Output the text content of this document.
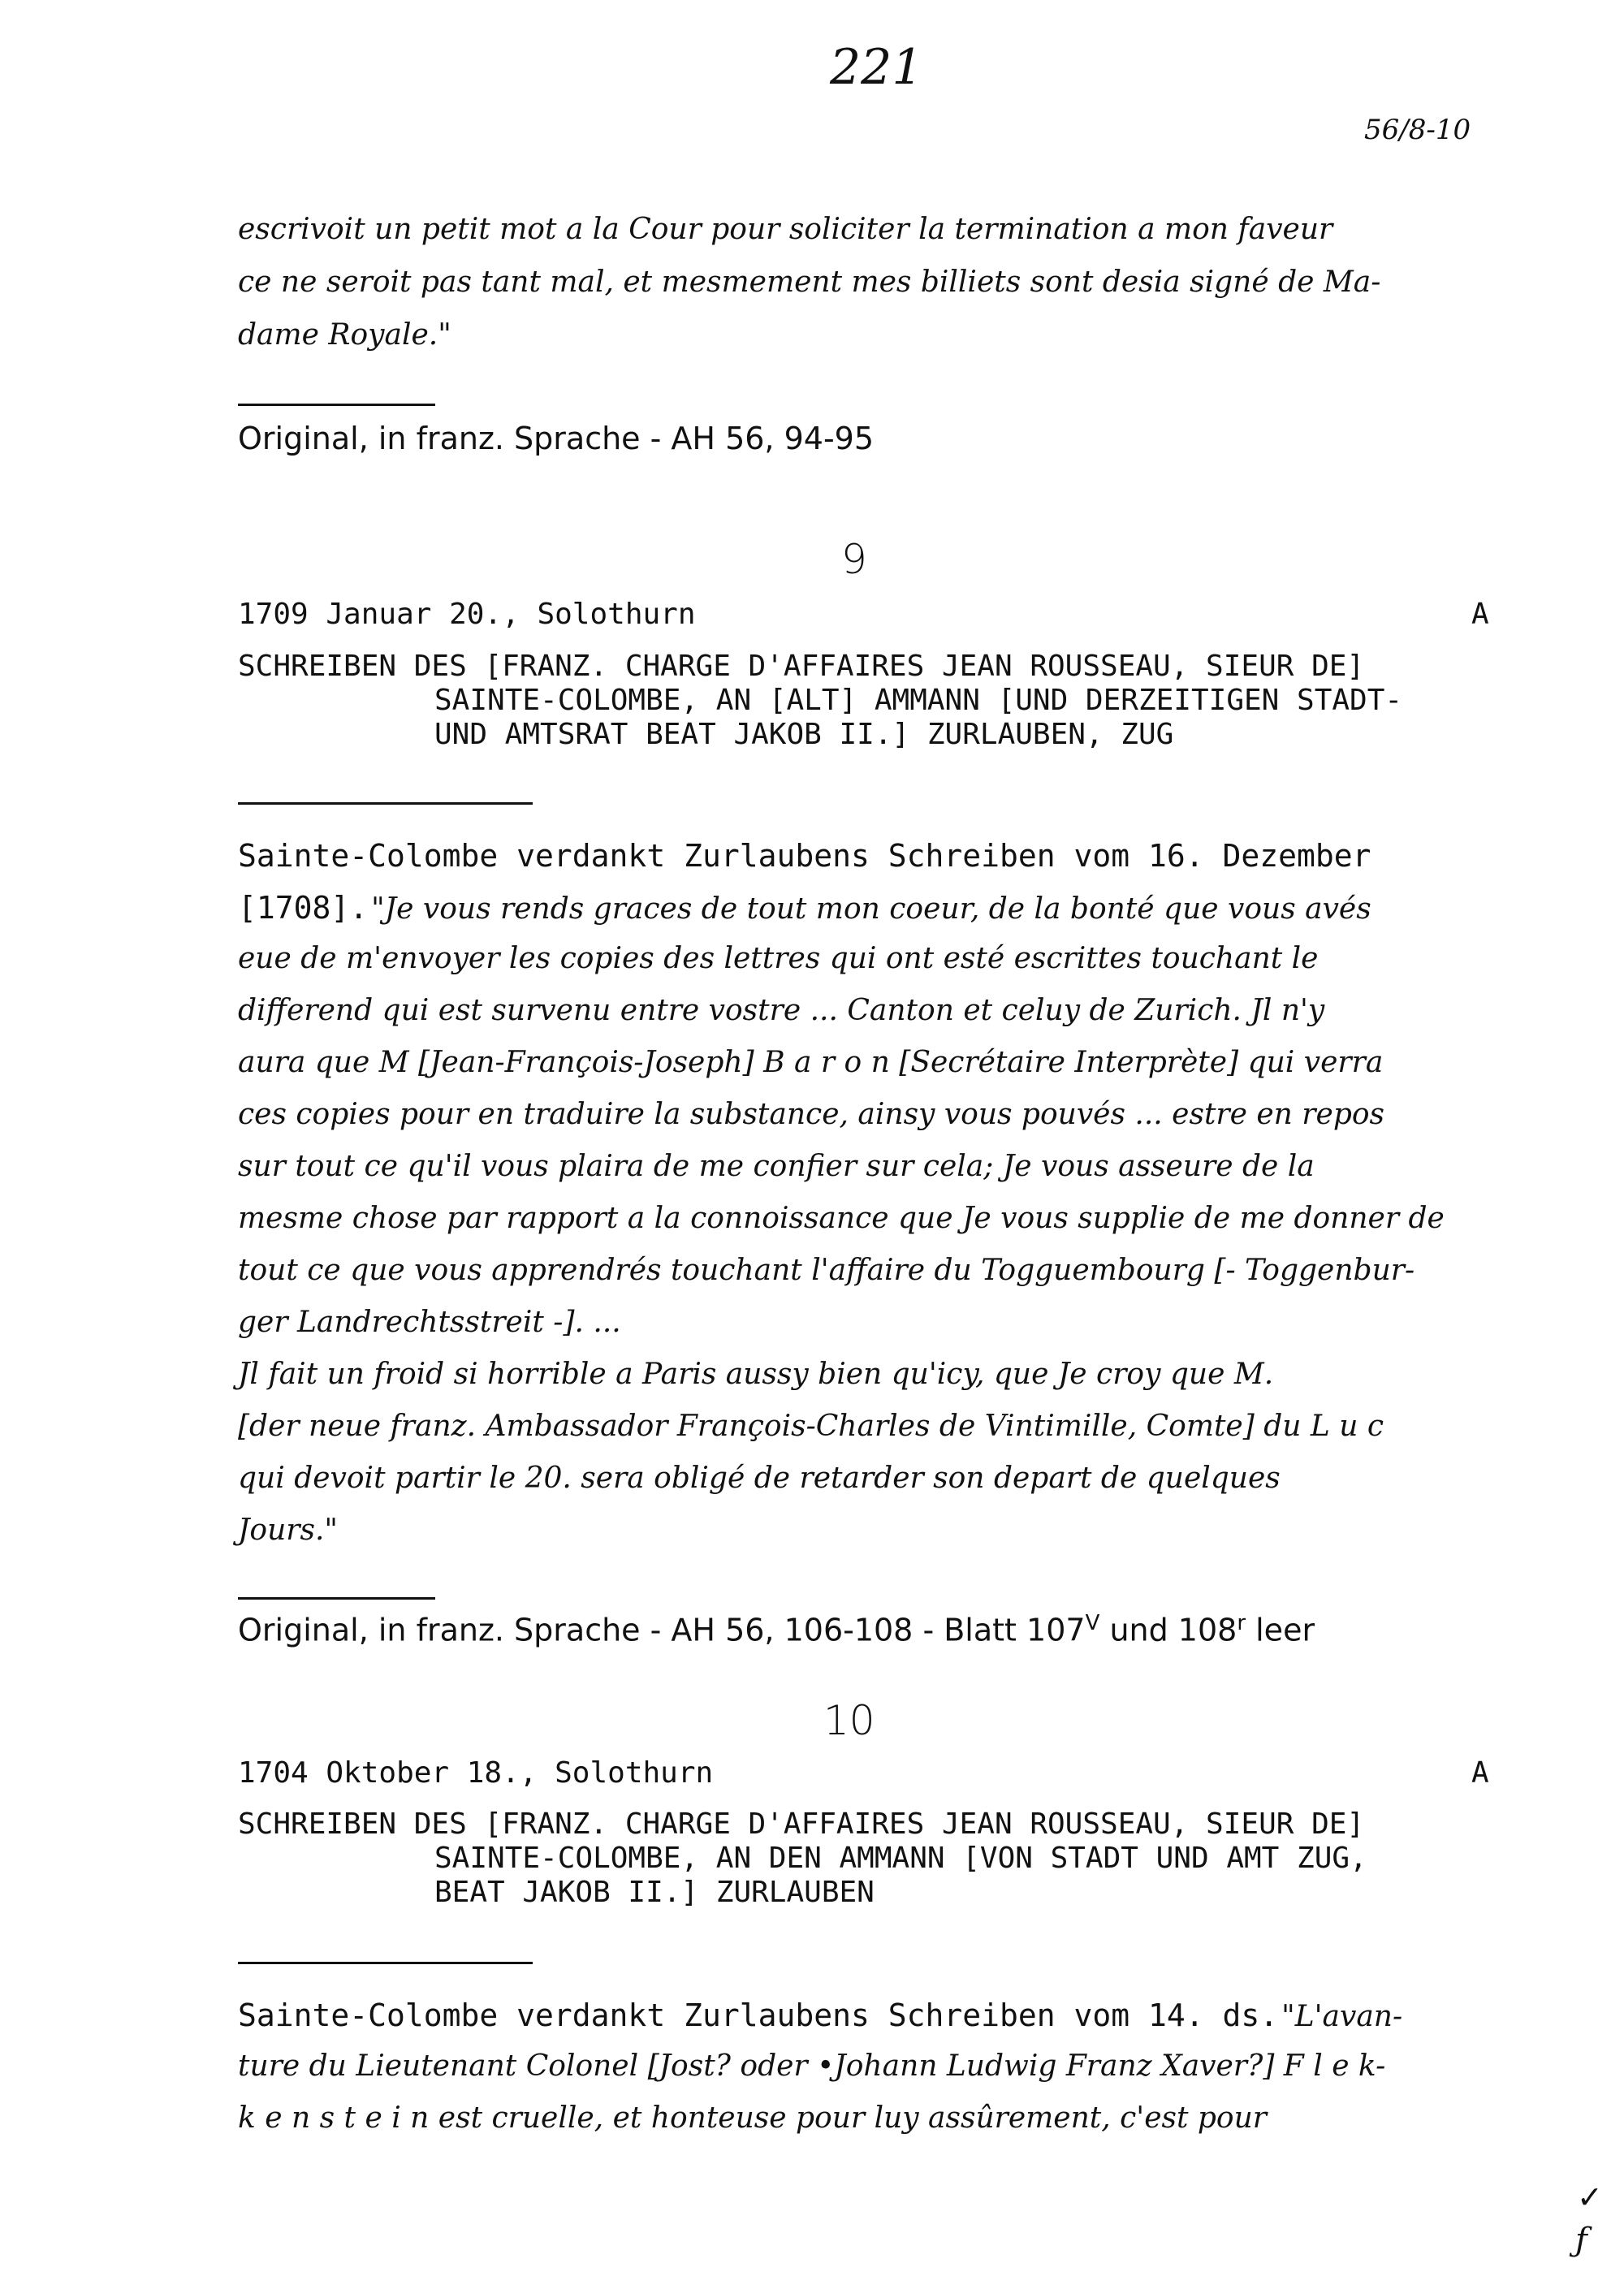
221
56/8-10
escrivoit un petit mot a la Cour pour soliciter la termination a mon faveur
ce ne seroit pas tant mal, et mesmement mes billiets sont desia signé de Ma-
dame Royale."
Original, in franz. Sprache - AH 56, 94-95
9
1709 Januar 20., Solothurn	A
SCHREIBEN DES [FRANZ. CHARGE D'AFFAIRES JEAN ROUSSEAU, SIEUR DE]
SAINTE-COLOMBE, AN [ALT] AMMANN [UND DERZEITIGEN STADT-
UND AMTSRAT BEAT JAKOB II.] ZURLAUBEN, ZUG
Sainte-Colombe verdankt Zurlaubens Schreiben vom 16. Dezember
[1708]. "Je vous rends graces de tout mon coeur, de la bonté que vous avés
eue de m'envoyer les copies des lettres qui ont esté escrittes touchant le
differend qui est survenu entre vostre ... Canton et celuy de Zurich. Jl n'y
aura que M [Jean-François-Joseph] B a r o n [Secrétaire Interprète] qui verra
ces copies pour en traduire la substance, ainsy vous pouvés ... estre en repos
sur tout ce qu'il vous plaira de me confier sur cela; Je vous asseure de la
mesme chose par rapport a la connoissance que Je vous supplie de me donner de
tout ce que vous apprendrés touchant l'affaire du Togguembourg [- Toggenbur-
ger Landrechtsstreit -]. ...
Jl fait un froid si horrible a Paris aussy bien qu'icy, que Je croy que M.
[der neue franz. Ambassador François-Charles de Vintimille, Comte] du L u c
qui devoit partir le 20. sera obligé de retarder son depart de quelques
Jours."
Original, in franz. Sprache - AH 56, 106-108 - Blatt $107^V$ und 108$^r$ leer
10
1704 Oktober 18., Solothurn	A
SCHREIBEN DES [FRANZ. CHARGE D'AFFAIRES JEAN ROUSSEAU, SIEUR DE]
SAINTE-COLOMBE, AN DEN AMMANN [VON STADT UND AMT ZUG,
BEAT JAKOB II.] ZURLAUBEN
Sainte-Colombe verdankt Zurlaubens Schreiben vom 14. ds. "L'avan-
ture du Lieutenant Colonel [Jost? oder •Johann Ludwig Franz Xaver?] F l e k-
k e n s t e i n est cruelle, et honteuse pour luy assûrement, c'est pour
✓
ƒ
